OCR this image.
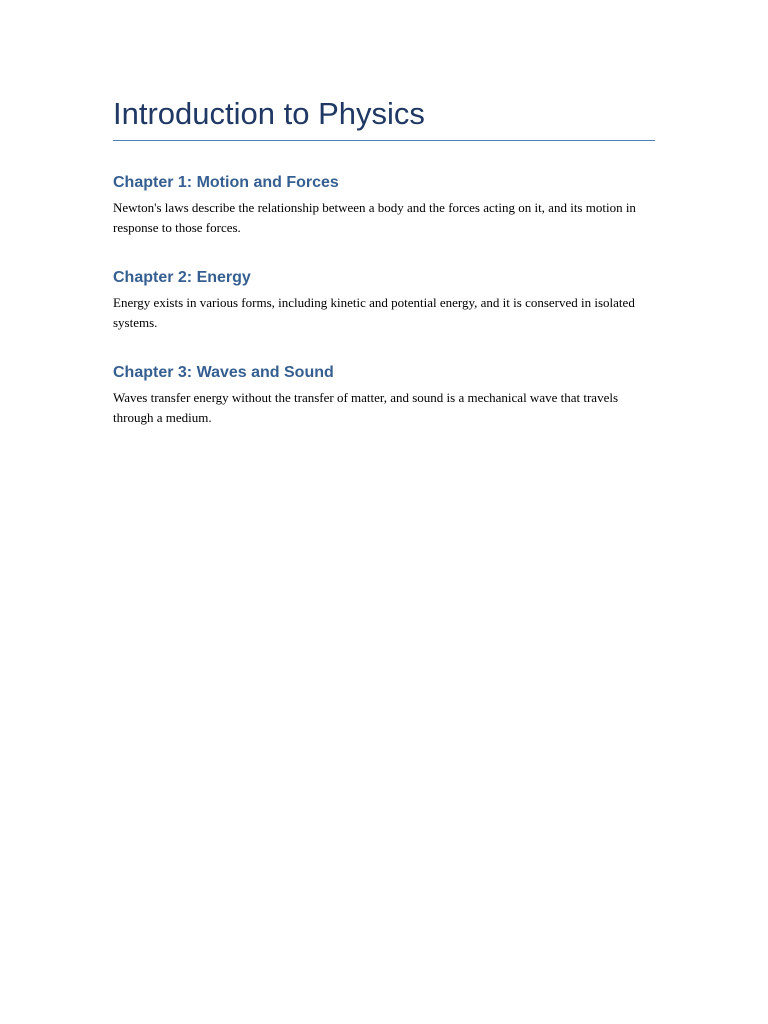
Introduction to Physics
Chapter 1: Motion and Forces

Newton's laws describe the relationship between a body and the forces acting on it, and its motion in response to those forces.

Chapter 2: Energy

Energy exists in various forms, including kinetic and potential energy, and it is conserved in isolated systems.

Chapter 3: Waves and Sound

Waves transfer energy without the transfer of matter, and sound is a mechanical wave that travels through a medium.
